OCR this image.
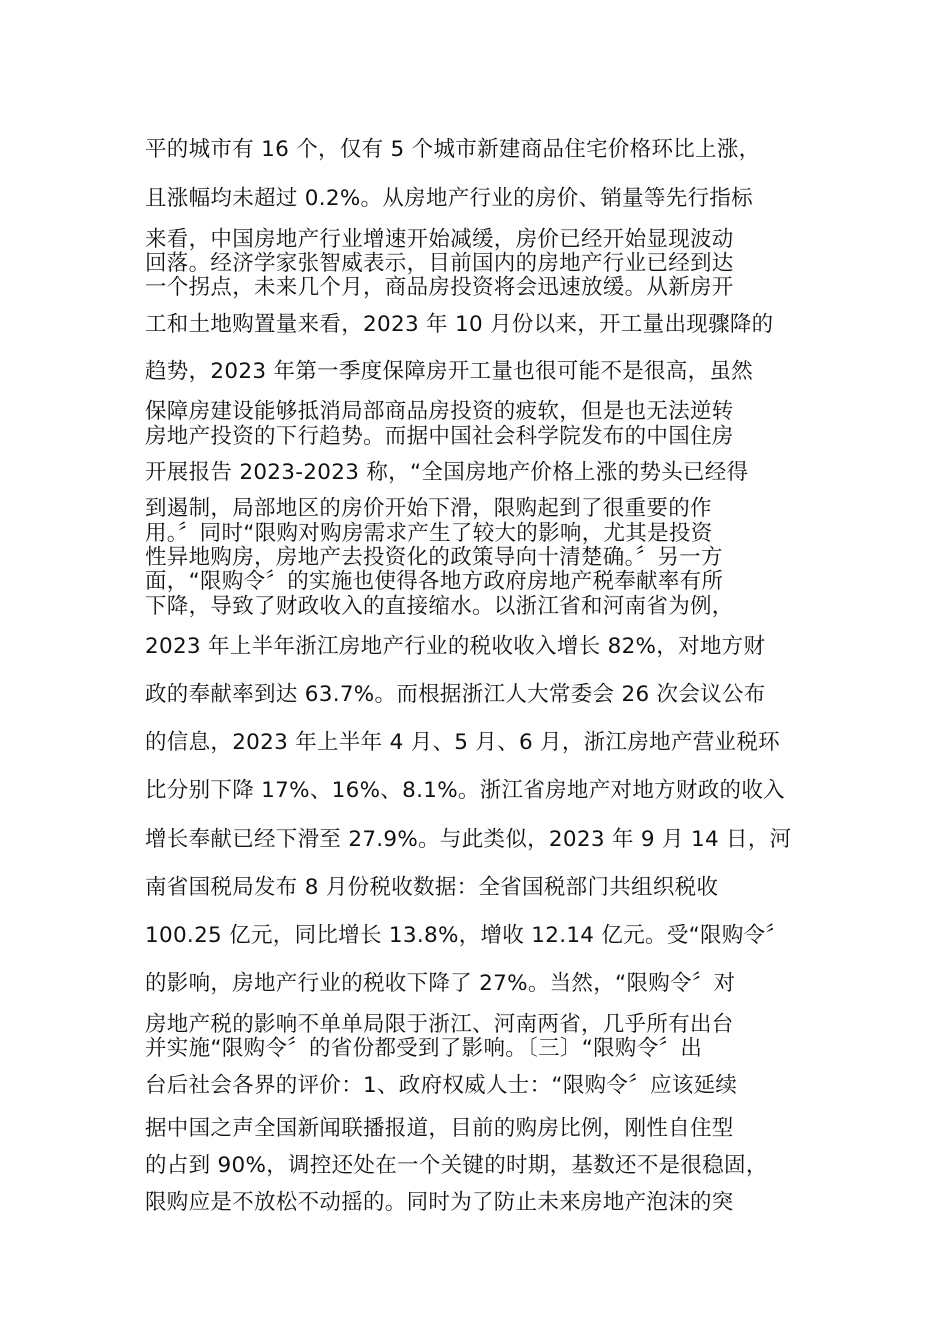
平的城市有 16 个，仅有 5 个城市新建商品住宅价格环比上涨，
且涨幅均未超过 0.2%。从房地产行业的房价、销量等先行指标
来看，中国房地产行业增速开始减缓，房价已经开始显现波动
回落。经济学家张智威表示，目前国内的房地产行业已经到达
一个拐点，未来几个月，商品房投资将会迅速放缓。从新房开
工和土地购置量来看，2023 年 10 月份以来，开工量出现骤降的
趋势，2023 年第一季度保障房开工量也很可能不是很高，虽然
保障房建设能够抵消局部商品房投资的疲软，但是也无法逆转
房地产投资的下行趋势。而据中国社会科学院发布的中国住房
开展报告 2023-2023 称，“全国房地产价格上涨的势头已经得
到遏制，局部地区的房价开始下滑，限购起到了很重要的作
用。〞同时“限购对购房需求产生了较大的影响，尤其是投资
性异地购房，房地产去投资化的政策导向十清楚确。〞另一方
面，“限购令〞的实施也使得各地方政府房地产税奉献率有所
下降，导致了财政收入的直接缩水。以浙江省和河南省为例，
2023 年上半年浙江房地产行业的税收收入增长 82%，对地方财
政的奉献率到达 63.7%。而根据浙江人大常委会 26 次会议公布
的信息，2023 年上半年 4 月、5 月、6 月，浙江房地产营业税环
比分别下降 17%、16%、8.1%。浙江省房地产对地方财政的收入
增长奉献已经下滑至 27.9%。与此类似，2023 年 9 月 14 日，河
南省国税局发布 8 月份税收数据：全省国税部门共组织税收
100.25 亿元，同比增长 13.8%，增收 12.14 亿元。受“限购令〞
的影响，房地产行业的税收下降了 27%。当然，“限购令〞对
房地产税的影响不单单局限于浙江、河南两省，几乎所有出台
并实施“限购令〞的省份都受到了影响。〔三〕“限购令〞出
台后社会各界的评价：1、政府权威人士：“限购令〞应该延续
据中国之声全国新闻联播报道，目前的购房比例，刚性自住型
的占到 90%，调控还处在一个关键的时期，基数还不是很稳固，
限购应是不放松不动摇的。同时为了防止未来房地产泡沫的突
